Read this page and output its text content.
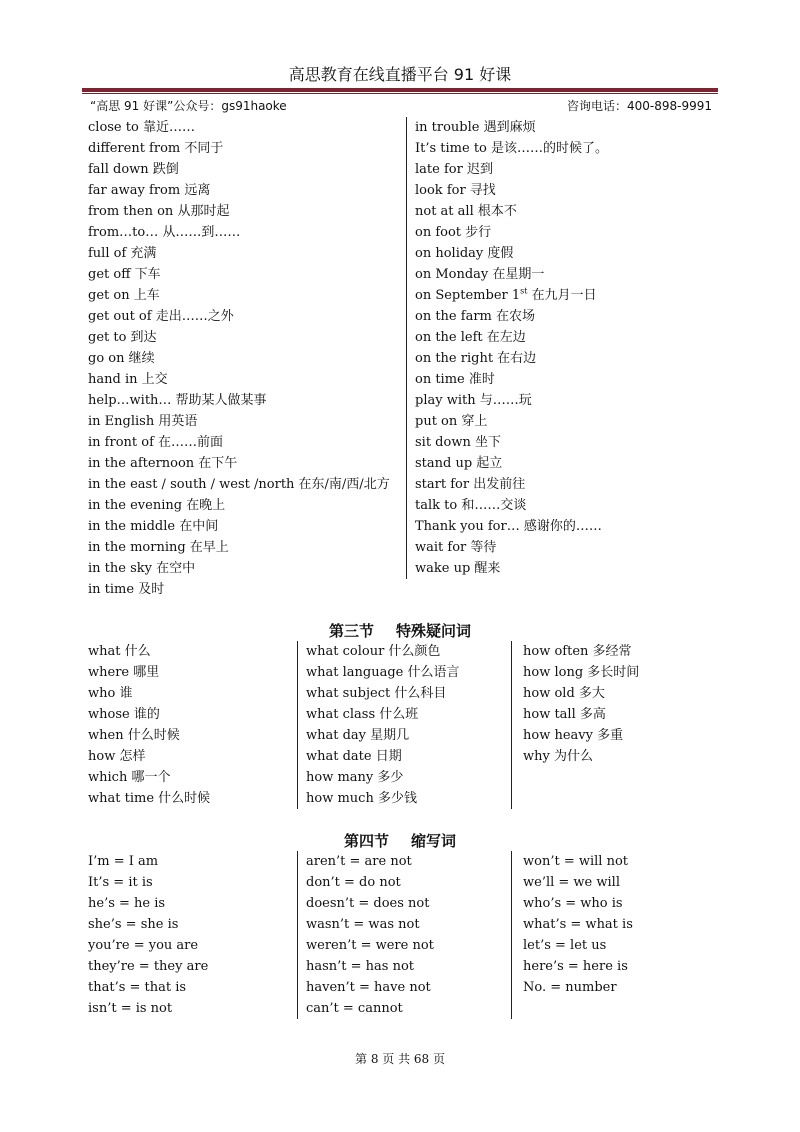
高思教育在线直播平台 91 好课
“高思 91 好课”公众号：gs91haoke	咨询电话：400-898-9991
close to 靠近……
different from 不同于
fall down 跌倒
far away from 远离
from then on 从那时起
from…to… 从……到……
full of 充满
get off 下车
get on 上车
get out of 走出……之外
get to 到达
go on 继续
hand in 上交
help…with… 帮助某人做某事
in English 用英语
in front of 在……前面
in the afternoon 在下午
in the east / south / west /north 在东/南/西/北方
in the evening 在晚上
in the middle 在中间
in the morning 在早上
in the sky 在空中
in time 及时
in trouble 遇到麻烦
It’s time to 是该……的时候了。
late for 迟到
look for 寻找
not at all 根本不
on foot 步行
on holiday 度假
on Monday 在星期一
on September 1st 在九月一日
on the farm 在农场
on the left 在左边
on the right 在右边
on time 准时
play with 与……玩
put on 穿上
sit down 坐下
stand up 起立
start for 出发前往
talk to 和……交谈
Thank you for… 感谢你的……
wait for 等待
wake up 醒来
第三节 特殊疑问词
what 什么
where 哪里
who 谁
whose 谁的
when 什么时候
how 怎样
which 哪一个
what time 什么时候
what colour 什么颜色
what language 什么语言
what subject 什么科目
what class 什么班
what day 星期几
what date 日期
how many 多少
how much 多少钱
how often 多经常
how long 多长时间
how old 多大
how tall 多高
how heavy 多重
why 为什么
第四节 缩写词
I’m = I am
It’s = it is
he’s = he is
she’s = she is
you’re = you are
they’re = they are
that’s = that is
isn’t = is not
aren’t = are not
don’t = do not
doesn’t = does not
wasn’t = was not
weren’t = were not
hasn’t = has not
haven’t = have not
can’t = cannot
won’t = will not
we’ll = we will
who’s = who is
what’s = what is
let’s = let us
here’s = here is
No. = number
第 8 页 共 68 页
